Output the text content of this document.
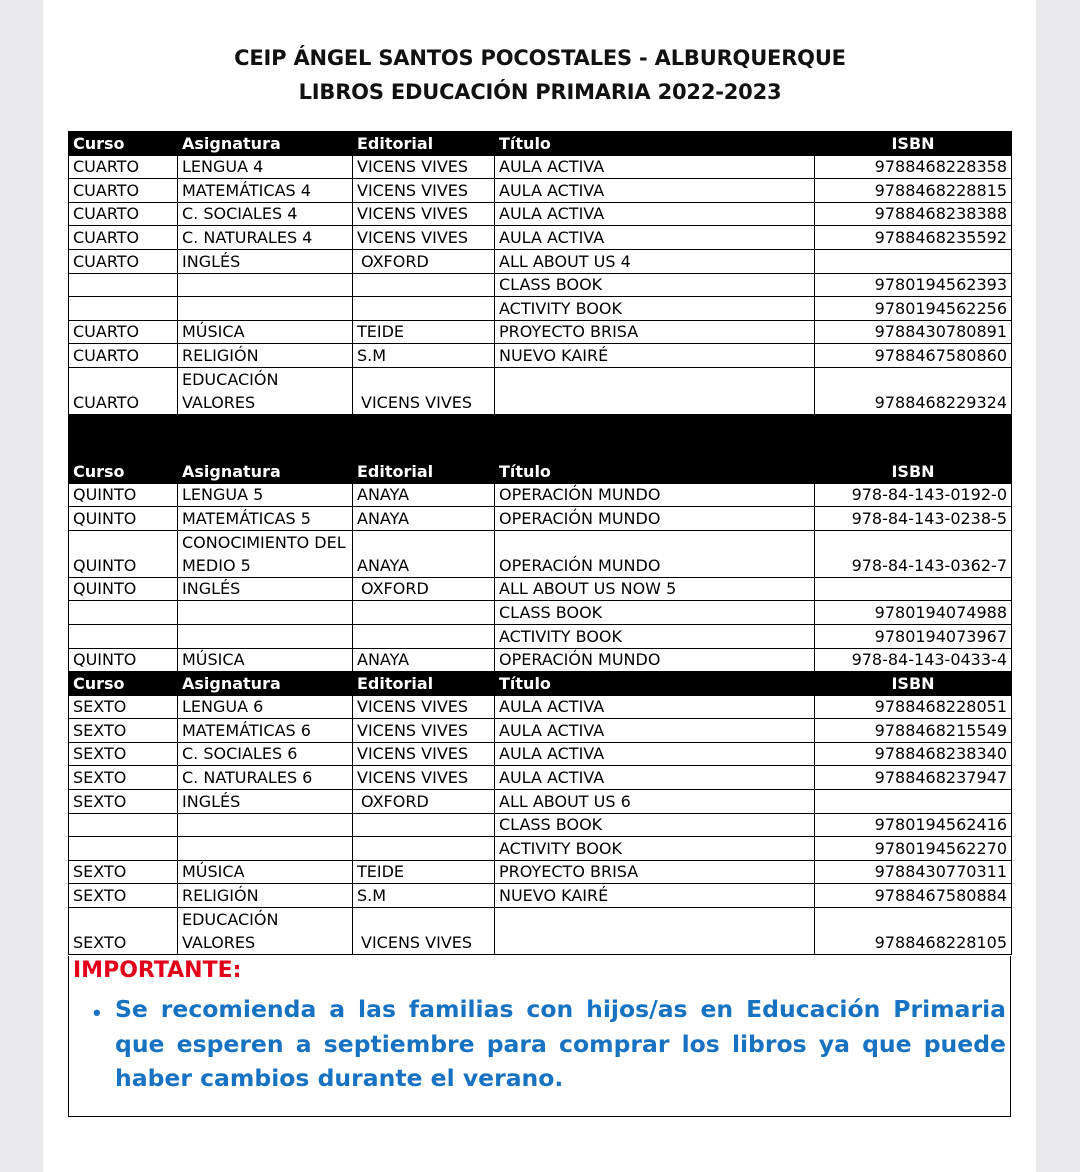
CEIP ÁNGEL SANTOS POCOSTALES - ALBURQUERQUE
LIBROS EDUCACIÓN PRIMARIA 2022-2023
Curso	Asignatura	Editorial	Título	ISBN
CUARTO	LENGUA 4	VICENS VIVES	AULA ACTIVA	9788468228358
CUARTO	MATEMÁTICAS 4	VICENS VIVES	AULA ACTIVA	9788468228815
CUARTO	C. SOCIALES 4	VICENS VIVES	AULA ACTIVA	9788468238388
CUARTO	C. NATURALES 4	VICENS VIVES	AULA ACTIVA	9788468235592
CUARTO	INGLÉS	OXFORD	ALL ABOUT US 4	
			CLASS BOOK	9780194562393
			ACTIVITY BOOK	9780194562256
CUARTO	MÚSICA	TEIDE	PROYECTO BRISA	9788430780891
CUARTO	RELIGIÓN	S.M	NUEVO KAIRÉ	9788467580860
CUARTO	EDUCACIÓN VALORES	VICENS VIVES		9788468229324

Curso	Asignatura	Editorial	Título	ISBN
QUINTO	LENGUA 5	ANAYA	OPERACIÓN MUNDO	978-84-143-0192-0
QUINTO	MATEMÁTICAS 5	ANAYA	OPERACIÓN MUNDO	978-84-143-0238-5
QUINTO	CONOCIMIENTO DEL MEDIO 5	ANAYA	OPERACIÓN MUNDO	978-84-143-0362-7
QUINTO	INGLÉS	OXFORD	ALL ABOUT US NOW 5	
			CLASS BOOK	9780194074988
			ACTIVITY BOOK	9780194073967
QUINTO	MÚSICA	ANAYA	OPERACIÓN MUNDO	978-84-143-0433-4
Curso	Asignatura	Editorial	Título	ISBN
SEXTO	LENGUA 6	VICENS VIVES	AULA ACTIVA	9788468228051
SEXTO	MATEMÁTICAS 6	VICENS VIVES	AULA ACTIVA	9788468215549
SEXTO	C. SOCIALES 6	VICENS VIVES	AULA ACTIVA	9788468238340
SEXTO	C. NATURALES 6	VICENS VIVES	AULA ACTIVA	9788468237947
SEXTO	INGLÉS	OXFORD	ALL ABOUT US 6	
			CLASS BOOK	9780194562416
			ACTIVITY BOOK	9780194562270
SEXTO	MÚSICA	TEIDE	PROYECTO BRISA	9788430770311
SEXTO	RELIGIÓN	S.M	NUEVO KAIRÉ	9788467580884
SEXTO	EDUCACIÓN VALORES	VICENS VIVES		9788468228105
IMPORTANTE:
• Se recomienda a las familias con hijos/as en Educación Primaria que esperen a septiembre para comprar los libros ya que puede haber cambios durante el verano.
